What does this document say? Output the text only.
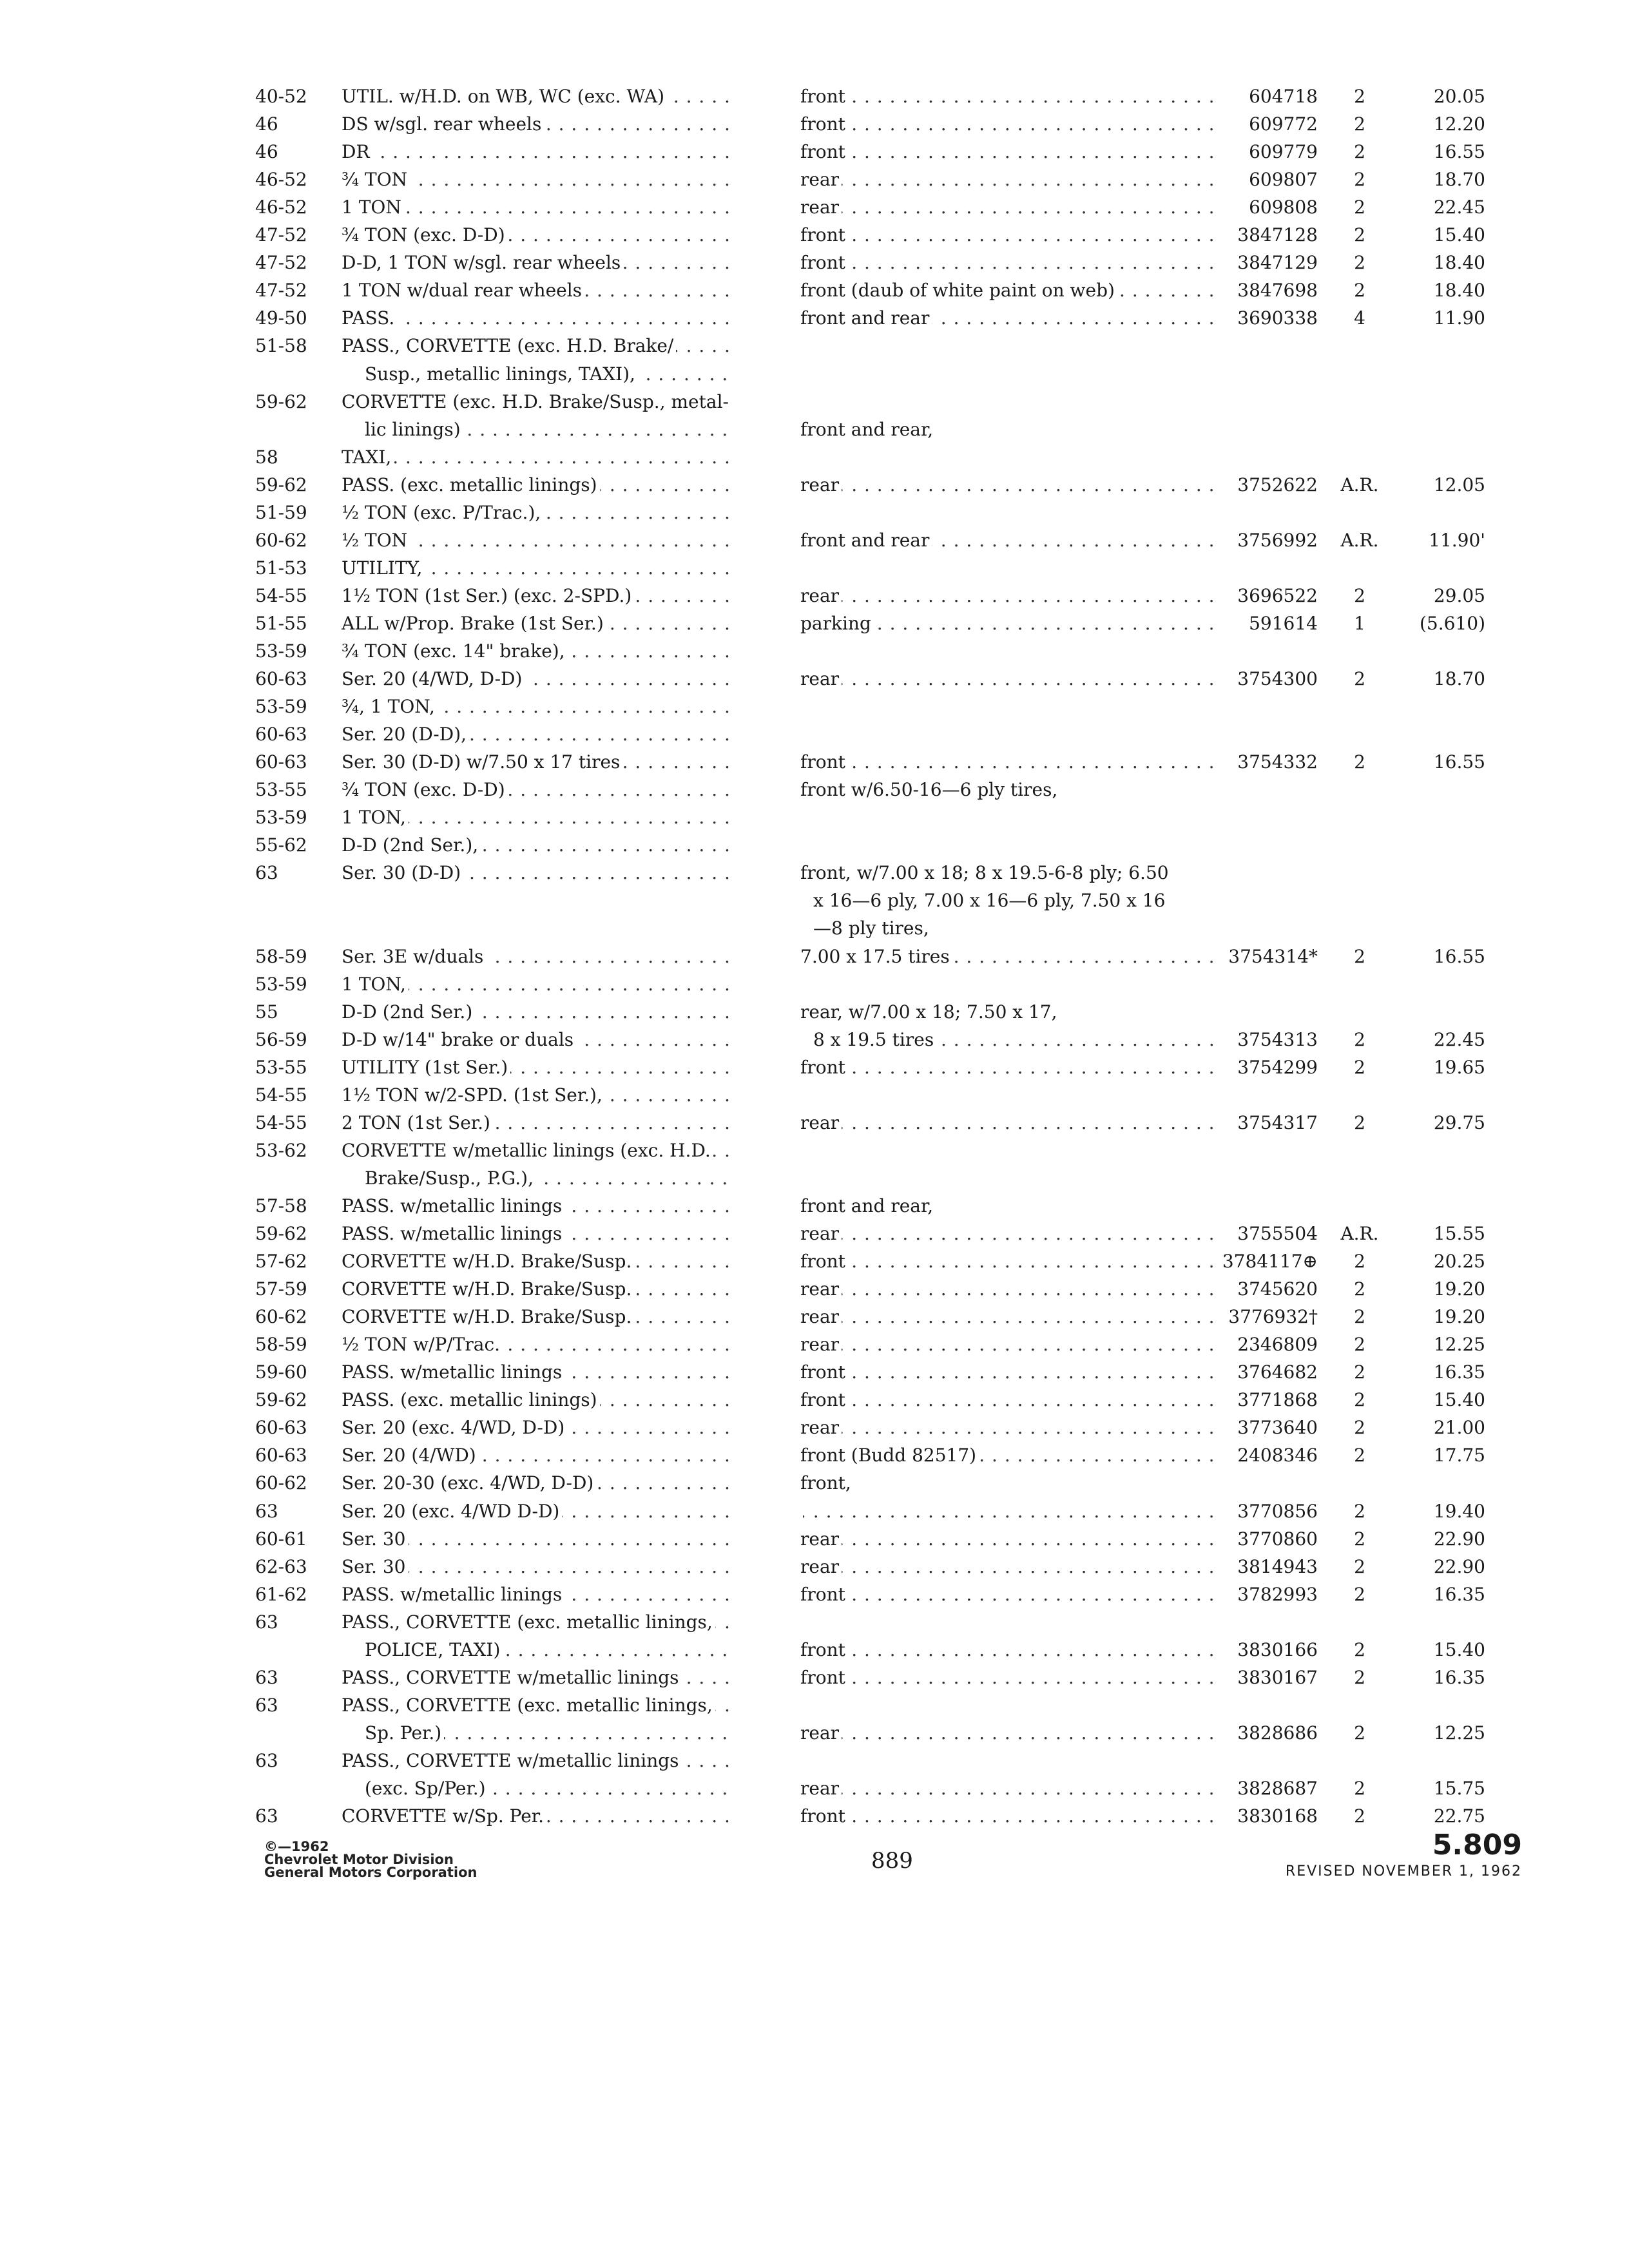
40-52	UTIL. w/H.D. on WB, WC (exc. WA) . . .	front . . .	604718	2	20.05
46	DS w/sgl. rear wheels . . .	front . . .	609772	2	12.20
46	DR . . .	front . . .	609779	2	16.55
46-52	¾ TON . . .	rear . . .	609807	2	18.70
46-52	1 TON . . .	rear . . .	609808	2	22.45
47-52	¾ TON (exc. D-D) . . .	front . . .	3847128	2	15.40
47-52	D-D, 1 TON w/sgl. rear wheels . . .	front . . .	3847129	2	18.40
47-52	1 TON w/dual rear wheels . . .	front (daub of white paint on web) . . .	3847698	2	18.40
49-50	PASS. . . .	front and rear . . .	3690338	4	11.90
51-58	PASS., CORVETTE (exc. H.D. Brake/ . . .
Susp., metallic linings, TAXI), . . .
59-62	CORVETTE (exc. H.D. Brake/Susp., metal- . . .
lic linings) . . .	front and rear,
58	TAXI, . . .
59-62	PASS. (exc. metallic linings) . . .	rear . . .	3752622	A.R.	12.05
51-59	½ TON (exc. P/Trac.), . . .
60-62	½ TON . . .	front and rear . . .	3756992	A.R.	11.90'
51-53	UTILITY, . . .
54-55	1½ TON (1st Ser.) (exc. 2-SPD.) . . .	rear . . .	3696522	2	29.05
51-55	ALL w/Prop. Brake (1st Ser.) . . .	parking . . .	591614	1	(5.610)
53-59	¾ TON (exc. 14" brake), . . .
60-63	Ser. 20 (4/WD, D-D) . . .	rear . . .	3754300	2	18.70
53-59	¾, 1 TON, . . .
60-63	Ser. 20 (D-D), . . .
60-63	Ser. 30 (D-D) w/7.50 x 17 tires . . .	front . . .	3754332	2	16.55
53-55	¾ TON (exc. D-D) . . .	front w/6.50-16—6 ply tires,
53-59	1 TON, . . .
55-62	D-D (2nd Ser.), . . .
63	Ser. 30 (D-D) . . .	front, w/7.00 x 18; 8 x 19.5-6-8 ply; 6.50
x 16—6 ply, 7.00 x 16—6 ply, 7.50 x 16
—8 ply tires,
58-59	Ser. 3E w/duals . . .	7.00 x 17.5 tires . . .	3754314*	2	16.55
53-59	1 TON, . . .
55	D-D (2nd Ser.) . . .	rear, w/7.00 x 18; 7.50 x 17,
56-59	D-D w/14" brake or duals . . .	8 x 19.5 tires . . .	3754313	2	22.45
53-55	UTILITY (1st Ser.) . . .	front . . .	3754299	2	19.65
54-55	1½ TON w/2-SPD. (1st Ser.), . . .
54-55	2 TON (1st Ser.) . . .	rear . . .	3754317	2	29.75
53-62	CORVETTE w/metallic linings (exc. H.D. . . .
Brake/Susp., P.G.), . . .
57-58	PASS. w/metallic linings . . .	front and rear,
59-62	PASS. w/metallic linings . . .	rear . . .	3755504	A.R.	15.55
57-62	CORVETTE w/H.D. Brake/Susp. . . .	front . . .	3784117⊕	2	20.25
57-59	CORVETTE w/H.D. Brake/Susp. . . .	rear . . .	3745620	2	19.20
60-62	CORVETTE w/H.D. Brake/Susp. . . .	rear . . .	3776932†	2	19.20
58-59	½ TON w/P/Trac. . . .	rear . . .	2346809	2	12.25
59-60	PASS. w/metallic linings . . .	front . . .	3764682	2	16.35
59-62	PASS. (exc. metallic linings) . . .	front . . .	3771868	2	15.40
60-63	Ser. 20 (exc. 4/WD, D-D) . . .	rear . . .	3773640	2	21.00
60-63	Ser. 20 (4/WD) . . .	front (Budd 82517) . . .	2408346	2	17.75
60-62	Ser. 20-30 (exc. 4/WD, D-D) . . .	front,
63	Ser. 20 (exc. 4/WD D-D) . . .
. . .	3770856	2	19.40
60-61	Ser. 30 . . .	rear . . .	3770860	2	22.90
62-63	Ser. 30 . . .	rear . . .	3814943	2	22.90
61-62	PASS. w/metallic linings . . .	front . . .	3782993	2	16.35
63	PASS., CORVETTE (exc. metallic linings, . . .
POLICE, TAXI) . . .	front . . .	3830166	2	15.40
63	PASS., CORVETTE w/metallic linings . . .	front . . .	3830167	2	16.35
63	PASS., CORVETTE (exc. metallic linings, . . .
Sp. Per.) . . .	rear . . .	3828686	2	12.25
63	PASS., CORVETTE w/metallic linings . . .
(exc. Sp/Per.) . . .	rear . . .	3828687	2	15.75
63	CORVETTE w/Sp. Per. . . .	front . . .	3830168	2	22.75
©—1962
Chevrolet Motor Division
General Motors Corporation	889	5.809
REVISED NOVEMBER 1, 1962
